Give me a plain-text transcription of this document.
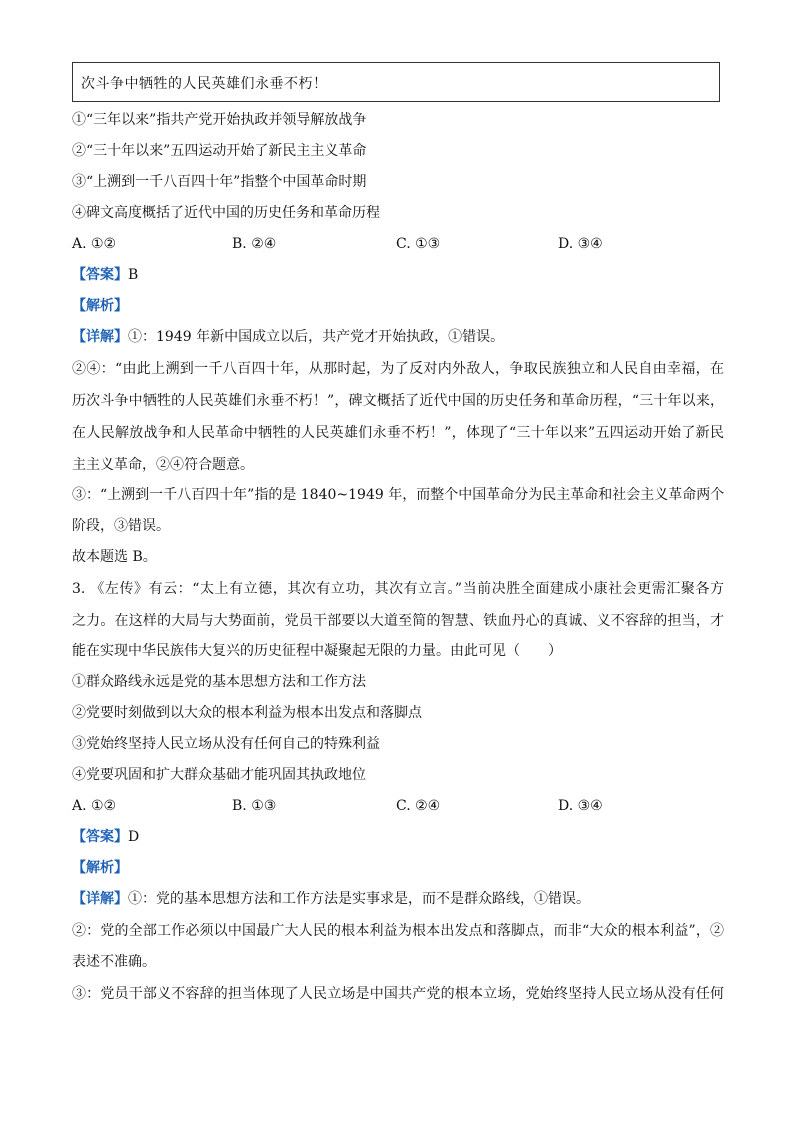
次斗争中牺牲的人民英雄们永垂不朽！
①“三年以来”指共产党开始执政并领导解放战争
②“三十年以来”五四运动开始了新民主主义革命
③“上溯到一千八百四十年”指整个中国革命时期
④碑文高度概括了近代中国的历史任务和革命历程
A. ①②	B. ②④	C. ①③	D. ③④
【答案】B
【解析】
【详解】①：1949 年新中国成立以后，共产党才开始执政，①错误。
②④：“由此上溯到一千八百四十年，从那时起，为了反对内外敌人，争取民族独立和人民自由幸福，在
历次斗争中牺牲的人民英雄们永垂不朽！”，碑文概括了近代中国的历史任务和革命历程，“三十年以来，
在人民解放战争和人民革命中牺牲的人民英雄们永垂不朽！”，体现了“三十年以来”五四运动开始了新民
主主义革命，②④符合题意。
③：“上溯到一千八百四十年”指的是 1840~1949 年，而整个中国革命分为民主革命和社会主义革命两个
阶段，③错误。
故本题选 B。
3. 《左传》有云：“太上有立德，其次有立功，其次有立言。”当前决胜全面建成小康社会更需汇聚各方
之力。在这样的大局与大势面前，党员干部要以大道至简的智慧、铁血丹心的真诚、义不容辞的担当，才
能在实现中华民族伟大复兴的历史征程中凝聚起无限的力量。由此可见（　　）
①群众路线永远是党的基本思想方法和工作方法
②党要时刻做到以大众的根本利益为根本出发点和落脚点
③党始终坚持人民立场从没有任何自己的特殊利益
④党要巩固和扩大群众基础才能巩固其执政地位
A. ①②	B. ①③	C. ②④	D. ③④
【答案】D
【解析】
【详解】①：党的基本思想方法和工作方法是实事求是，而不是群众路线，①错误。
②：党的全部工作必须以中国最广大人民的根本利益为根本出发点和落脚点，而非“大众的根本利益”，②
表述不准确。
③：党员干部义不容辞的担当体现了人民立场是中国共产党的根本立场，党始终坚持人民立场从没有任何
